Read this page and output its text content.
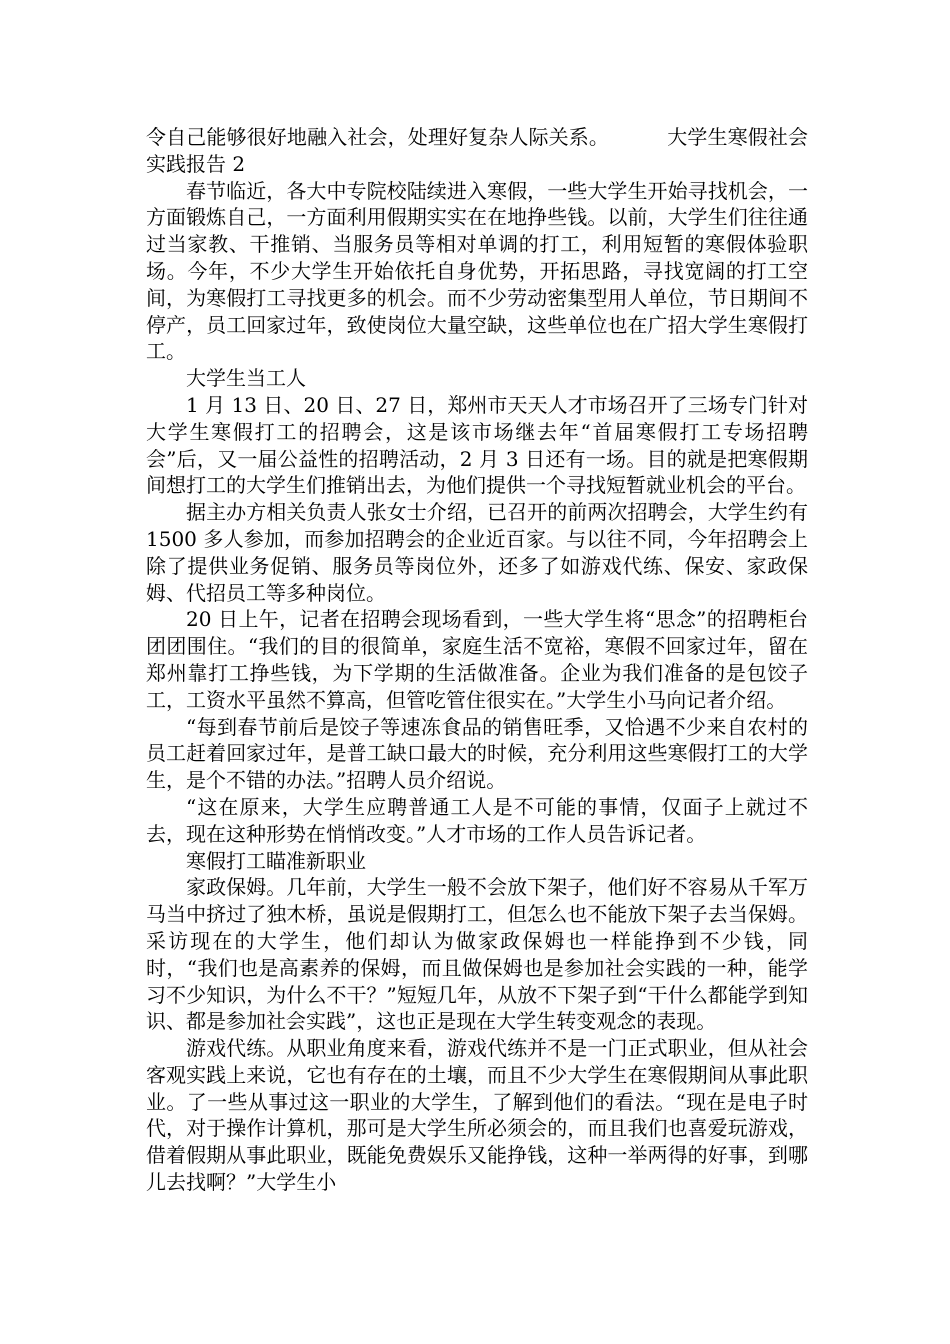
令自己能够很好地融入社会，处理好复杂人际关系。	大学生寒假社会实践报告 2

春节临近，各大中专院校陆续进入寒假，一些大学生开始寻找机会，一方面锻炼自己，一方面利用假期实实在在地挣些钱。以前，大学生们往往通过当家教、干推销、当服务员等相对单调的打工，利用短暂的寒假体验职场。今年，不少大学生开始依托自身优势，开拓思路，寻找宽阔的打工空间，为寒假打工寻找更多的机会。而不少劳动密集型用人单位，节日期间不停产，员工回家过年，致使岗位大量空缺，这些单位也在广招大学生寒假打工。

大学生当工人

1 月 13 日、20 日、27 日，郑州市天天人才市场召开了三场专门针对大学生寒假打工的招聘会，这是该市场继去年“首届寒假打工专场招聘会”后，又一届公益性的招聘活动，2 月 3 日还有一场。目的就是把寒假期间想打工的大学生们推销出去，为他们提供一个寻找短暂就业机会的平台。

据主办方相关负责人张女士介绍，已召开的前两次招聘会，大学生约有 1500 多人参加，而参加招聘会的企业近百家。与以往不同，今年招聘会上除了提供业务促销、服务员等岗位外，还多了如游戏代练、保安、家政保姆、代招员工等多种岗位。

20 日上午，记者在招聘会现场看到，一些大学生将“思念”的招聘柜台团团围住。“我们的目的很简单，家庭生活不宽裕，寒假不回家过年，留在郑州靠打工挣些钱，为下学期的生活做准备。企业为我们准备的是包饺子工，工资水平虽然不算高，但管吃管住很实在。”大学生小马向记者介绍。

“每到春节前后是饺子等速冻食品的销售旺季，又恰遇不少来自农村的员工赶着回家过年，是普工缺口最大的时候，充分利用这些寒假打工的大学生，是个不错的办法。”招聘人员介绍说。

“这在原来，大学生应聘普通工人是不可能的事情，仅面子上就过不去，现在这种形势在悄悄改变。”人才市场的工作人员告诉记者。

寒假打工瞄准新职业

家政保姆。几年前，大学生一般不会放下架子，他们好不容易从千军万马当中挤过了独木桥，虽说是假期打工，但怎么也不能放下架子去当保姆。采访现在的大学生，他们却认为做家政保姆也一样能挣到不少钱，同时，“我们也是高素养的保姆，而且做保姆也是参加社会实践的一种，能学习不少知识，为什么不干？”短短几年，从放不下架子到“干什么都能学到知识、都是参加社会实践”，这也正是现在大学生转变观念的表现。

游戏代练。从职业角度来看，游戏代练并不是一门正式职业，但从社会客观实践上来说，它也有存在的土壤，而且不少大学生在寒假期间从事此职业。了一些从事过这一职业的大学生，了解到他们的看法。“现在是电子时代，对于操作计算机，那可是大学生所必须会的，而且我们也喜爱玩游戏，借着假期从事此职业，既能免费娱乐又能挣钱，这种一举两得的好事，到哪儿去找啊？”大学生小
